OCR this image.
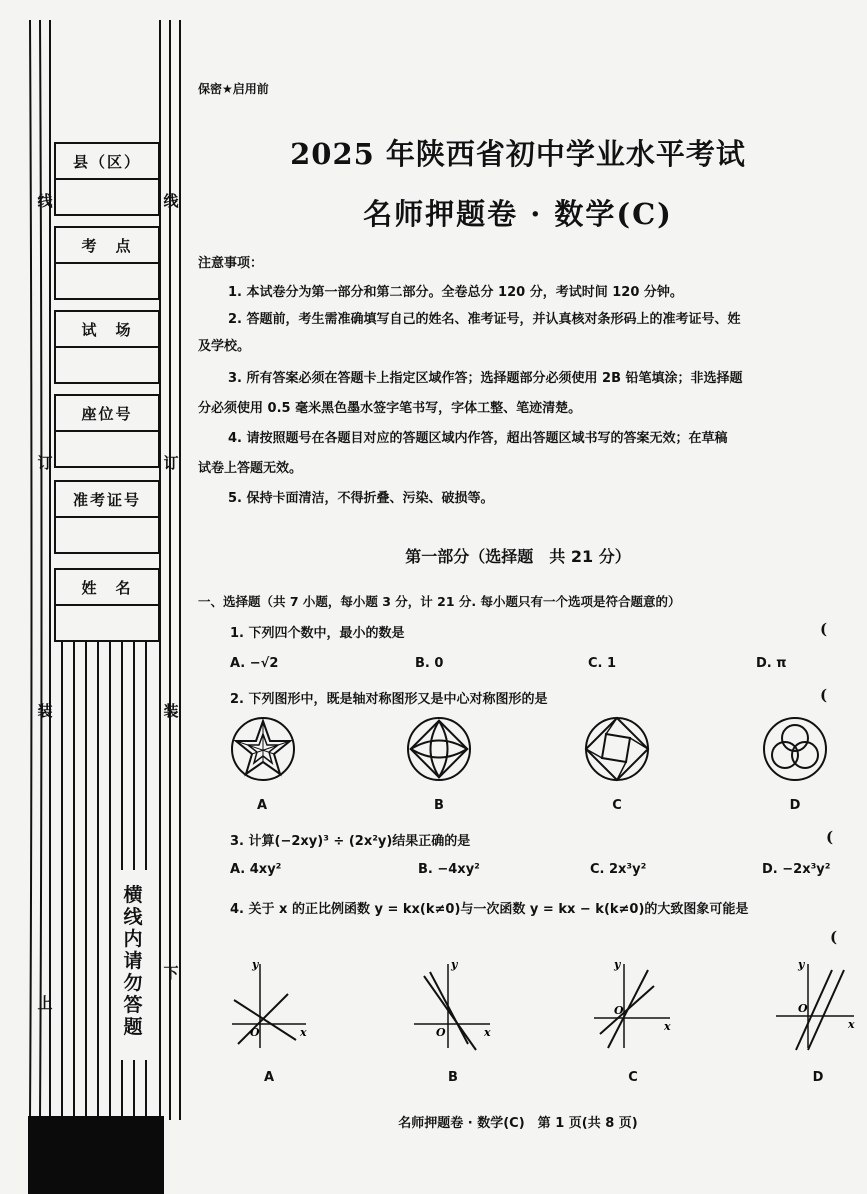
县（区）
考　点
试　场
座位号
准考证号
姓　名
线
订
装
上
线
订
装
下
横线内请勿答题
保密★启用前
2025 年陕西省初中学业水平考试
名师押题卷 · 数学(C)
注意事项：
1. 本试卷分为第一部分和第二部分。全卷总分 120 分，考试时间 120 分钟。
2. 答题前，考生需准确填写自己的姓名、准考证号，并认真核对条形码上的准考证号、姓
及学校。
3. 所有答案必须在答题卡上指定区域作答；选择题部分必须使用 2B 铅笔填涂；非选择题
分必须使用 0.5 毫米黑色墨水签字笔书写，字体工整、笔迹清楚。
4. 请按照题号在各题目对应的答题区域内作答，超出答题区域书写的答案无效；在草稿
试卷上答题无效。
5. 保持卡面清洁，不得折叠、污染、破损等。
第一部分（选择题　共 21 分）
一、选择题（共 7 小题，每小题 3 分，计 21 分. 每小题只有一个选项是符合题意的）
1. 下列四个数中，最小的数是	(
A. −√2	B. 0	C. 1	D. π
2. 下列图形中，既是轴对称图形又是中心对称图形的是	(
A	B	C	D
3. 计算(−2xy)³ ÷ (2x²y)结果正确的是	(
A. 4xy²	B. −4xy²	C. 2x³y²	D. −2x³y²
4. 关于 x 的正比例函数 y = kx(k≠0)与一次函数 y = kx − k(k≠0)的大致图象可能是
(
y
x
O
y
x
O
y
x
O
y
x
O
A	B	C	D
名师押题卷 · 数学(C)　第 1 页(共 8 页)
